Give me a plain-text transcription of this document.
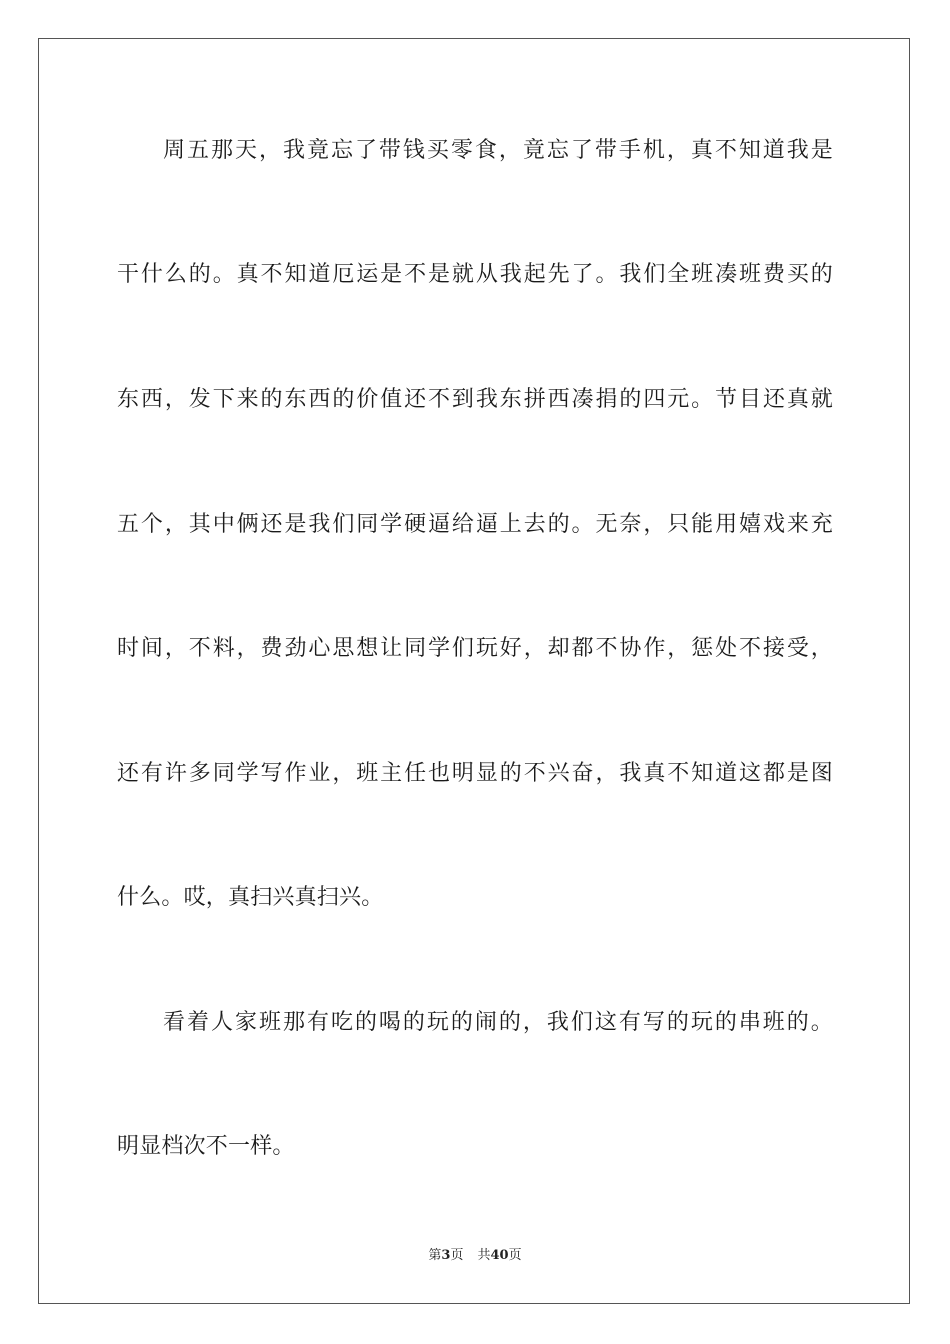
周五那天，我竟忘了带钱买零食，竟忘了带手机，真不知道我是
干什么的。真不知道厄运是不是就从我起先了。我们全班凑班费买的
东西，发下来的东西的价值还不到我东拼西凑捐的四元。节目还真就
五个，其中俩还是我们同学硬逼给逼上去的。无奈，只能用嬉戏来充
时间，不料，费劲心思想让同学们玩好，却都不协作，惩处不接受，
还有许多同学写作业，班主任也明显的不兴奋，我真不知道这都是图
什么。哎，真扫兴真扫兴。
看着人家班那有吃的喝的玩的闹的，我们这有写的玩的串班的。
明显档次不一样。
第3页 共40页
